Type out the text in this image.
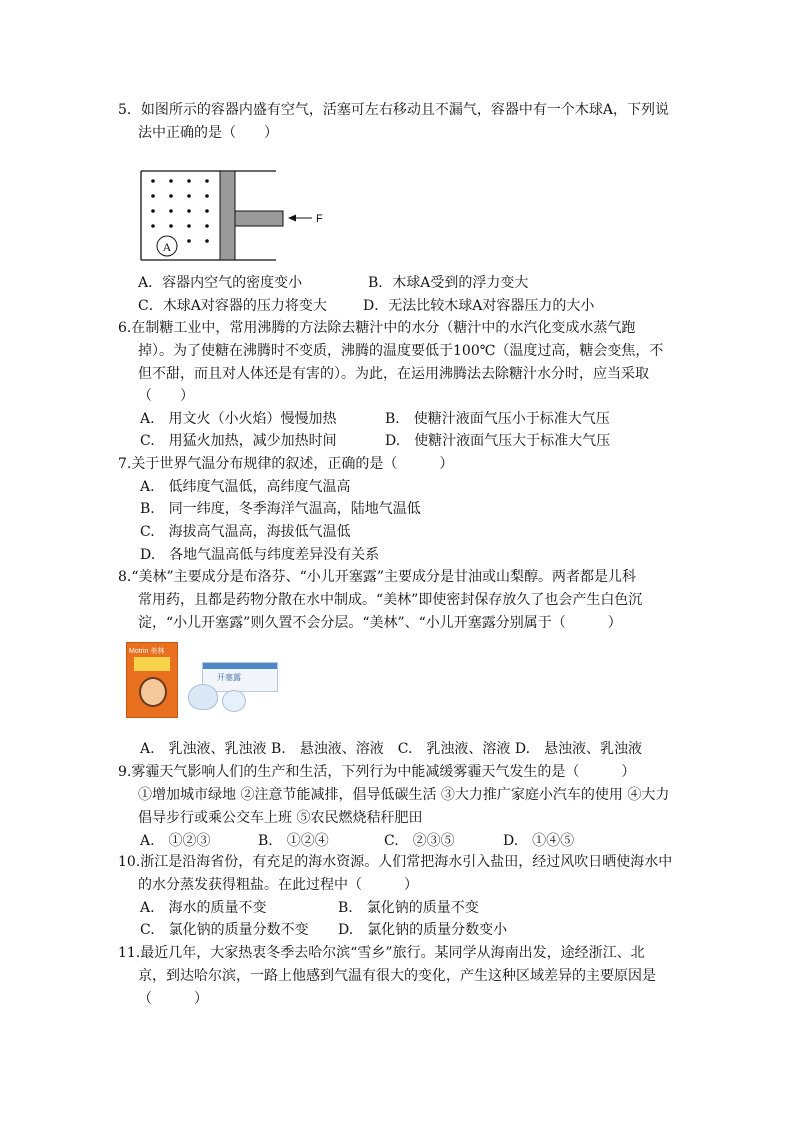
5．如图所示的容器内盛有空气，活塞可左右移动且不漏气，容器中有一个木球A，下列说
法中正确的是（　　）
A
F
A．容器内空气的密度变小	B．木球A受到的浮力变大
C．木球A对容器的压力将变大	D．无法比较木球A对容器压力的大小
6.在制糖工业中，常用沸腾的方法除去糖汁中的水分（糖汁中的水汽化变成水蒸气跑
掉）。为了使糖在沸腾时不变质，沸腾的温度要低于100℃（温度过高，糖会变焦，不
但不甜，而且对人体还是有害的）。为此，在运用沸腾法去除糖汁水分时，应当采取
（　　）
A.　用文火（小火焰）慢慢加热	B.　使糖汁液面气压小于标准大气压
C.　用猛火加热，减少加热时间	D.　使糖汁液面气压大于标准大气压
7.关于世界气温分布规律的叙述，正确的是（　　　）
A.　低纬度气温低，高纬度气温高
B.　同一纬度，冬季海洋气温高，陆地气温低
C.　海拔高气温高，海拔低气温低
D.　各地气温高低与纬度差异没有关系
8.“美林”主要成分是布洛芬、“小儿开塞露”主要成分是甘油或山梨醇。两者都是儿科
常用药，且都是药物分散在水中制成。“美林”即使密封保存放久了也会产生白色沉
淀，“小儿开塞露”则久置不会分层。“美林”、“小儿开塞露分别属于（　　　）
Motrin 美林
开塞露
A.　乳浊液、乳浊液 B.　悬浊液、溶液　C.　乳浊液、溶液 D.　悬浊液、乳浊液
9.雾霾天气影响人们的生产和生活，下列行为中能减缓雾霾天气发生的是（　　　）
①增加城市绿地 ②注意节能减排，倡导低碳生活 ③大力推广家庭小汽车的使用 ④大力
倡导步行或乘公交车上班 ⑤农民燃烧秸秆肥田
A.　①②③	B.　①②④	C.　②③⑤	D.　①④⑤
10.浙江是沿海省份，有充足的海水资源。人们常把海水引入盐田，经过风吹日晒使海水中
的水分蒸发获得粗盐。在此过程中（　　　）
A.　海水的质量不变	B.　氯化钠的质量不变
C.　氯化钠的质量分数不变 D.　氯化钠的质量分数变小
11.最近几年，大家热衷冬季去哈尔滨“雪乡”旅行。某同学从海南出发，途经浙江、北
京，到达哈尔滨，一路上他感到气温有很大的变化，产生这种区域差异的主要原因是
（　　　）
